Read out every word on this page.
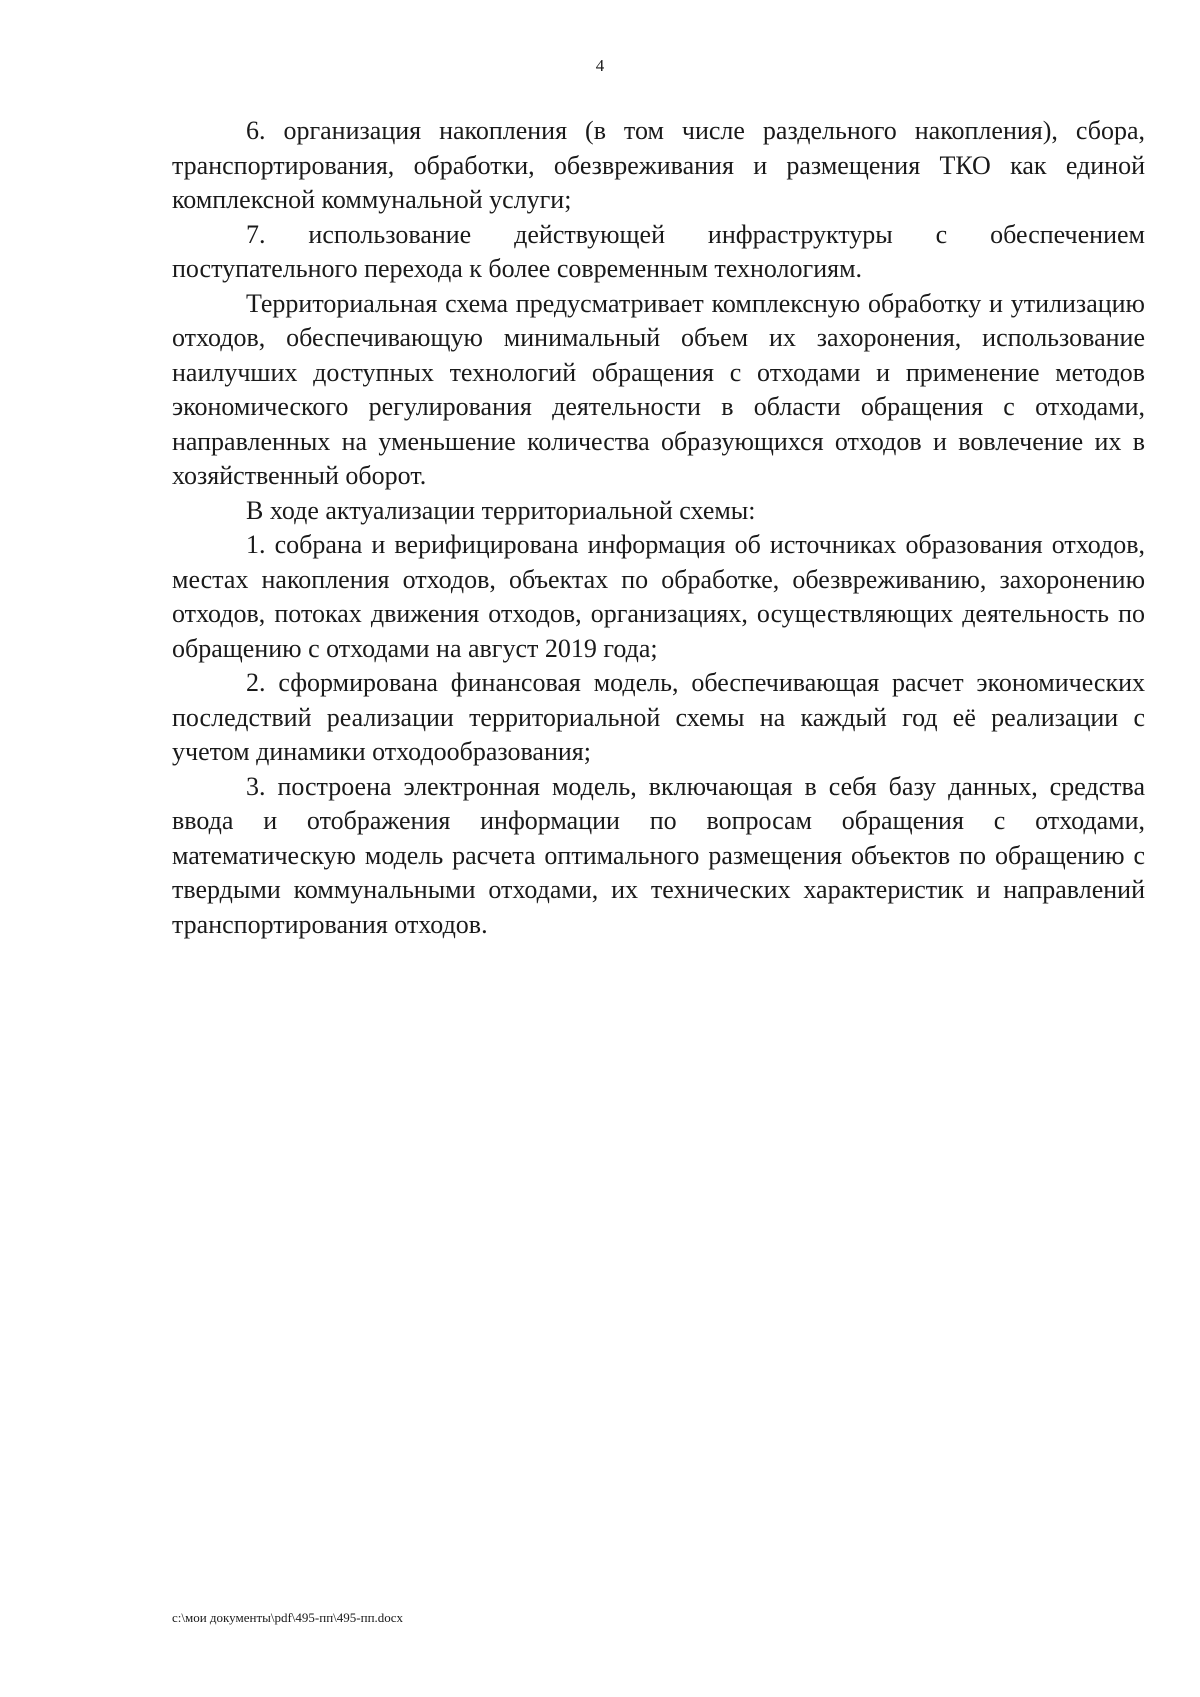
4

6. организация накопления (в том числе раздельного накопления), сбора, транспортирования, обработки, обезвреживания и размещения ТКО как единой комплексной коммунальной услуги;

7. использование действующей инфраструктуры с обеспечением поступательного перехода к более современным технологиям.

Территориальная схема предусматривает комплексную обработку и утилизацию отходов, обеспечивающую минимальный объем их захоронения, использование наилучших доступных технологий обращения с отходами и применение методов экономического регулирования деятельности в области обращения с отходами, направленных на уменьшение количества образующихся отходов и вовлечение их в хозяйственный оборот.

В ходе актуализации территориальной схемы:

1. собрана и верифицирована информация об источниках образования отходов, местах накопления отходов, объектах по обработке, обезвреживанию, захоронению отходов, потоках движения отходов, организациях, осуществляющих деятельность по обращению с отходами на август 2019 года;

2. сформирована финансовая модель, обеспечивающая расчет экономических последствий реализации территориальной схемы на каждый год её реализации с учетом динамики отходообразования;

3. построена электронная модель, включающая в себя базу данных, средства ввода и отображения информации по вопросам обращения с отходами, математическую модель расчета оптимального размещения объектов по обращению с твердыми коммунальными отходами, их технических характеристик и направлений транспортирования отходов.

c:\мои документы\pdf\495-пп\495-пп.docx
